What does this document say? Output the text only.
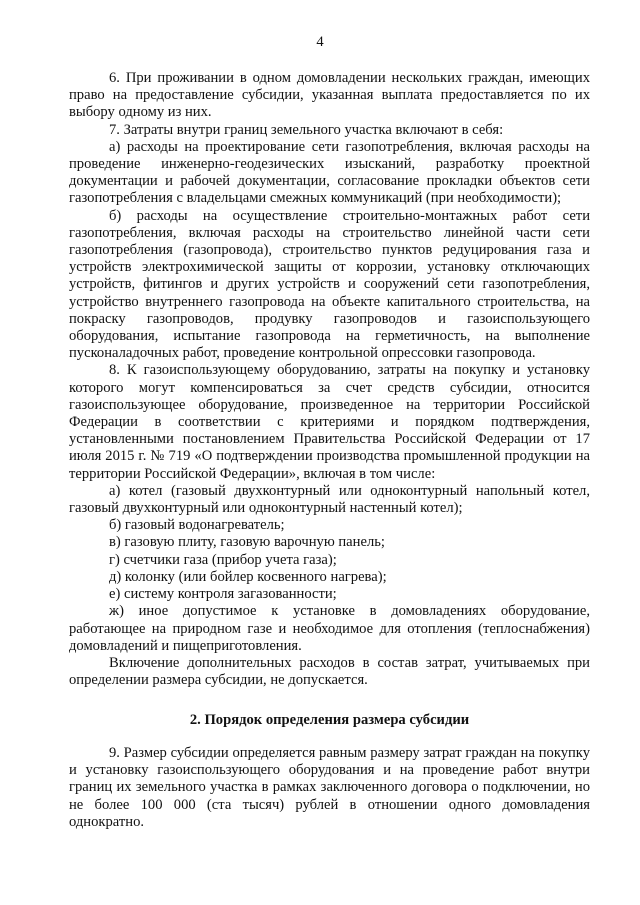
4

6. При проживании в одном домовладении нескольких граждан, имеющих право на предоставление субсидии, указанная выплата предоставляется по их выбору одному из них.

7. Затраты внутри границ земельного участка включают в себя:

а) расходы на проектирование сети газопотребления, включая расходы на проведение инженерно-геодезических изысканий, разработку проектной документации и рабочей документации, согласование прокладки объектов сети газопотребления с владельцами смежных коммуникаций (при необходимости);

б) расходы на осуществление строительно-монтажных работ сети газопотребления, включая расходы на строительство линейной части сети газопотребления (газопровода), строительство пунктов редуцирования газа и устройств электрохимической защиты от коррозии, установку отключающих устройств, фитингов и других устройств и сооружений сети газопотребления, устройство внутреннего газопровода на объекте капитального строительства, на покраску газопроводов, продувку газопроводов и газоиспользующего оборудования, испытание газопровода на герметичность, на выполнение пусконаладочных работ, проведение контрольной опрессовки газопровода.

8. К газоиспользующему оборудованию, затраты на покупку и установку которого могут компенсироваться за счет средств субсидии, относится газоиспользующее оборудование, произведенное на территории Российской Федерации в соответствии с критериями и порядком подтверждения, установленными постановлением Правительства Российской Федерации от 17 июля 2015 г. № 719 «О подтверждении производства промышленной продукции на территории Российской Федерации», включая в том числе:

а) котел (газовый двухконтурный или одноконтурный напольный котел, газовый двухконтурный или одноконтурный настенный котел);

б) газовый водонагреватель;

в) газовую плиту, газовую варочную панель;

г) счетчики газа (прибор учета газа);

д) колонку (или бойлер косвенного нагрева);

е) систему контроля загазованности;

ж) иное допустимое к установке в домовладениях оборудование, работающее на природном газе и необходимое для отопления (теплоснабжения) домовладений и пищеприготовления.

Включение дополнительных расходов в состав затрат, учитываемых при определении размера субсидии, не допускается.

2. Порядок определения размера субсидии

9. Размер субсидии определяется равным размеру затрат граждан на покупку и установку газоиспользующего оборудования и на проведение работ внутри границ их земельного участка в рамках заключенного договора о подключении, но не более 100 000 (ста тысяч) рублей в отношении одного домовладения однократно.
